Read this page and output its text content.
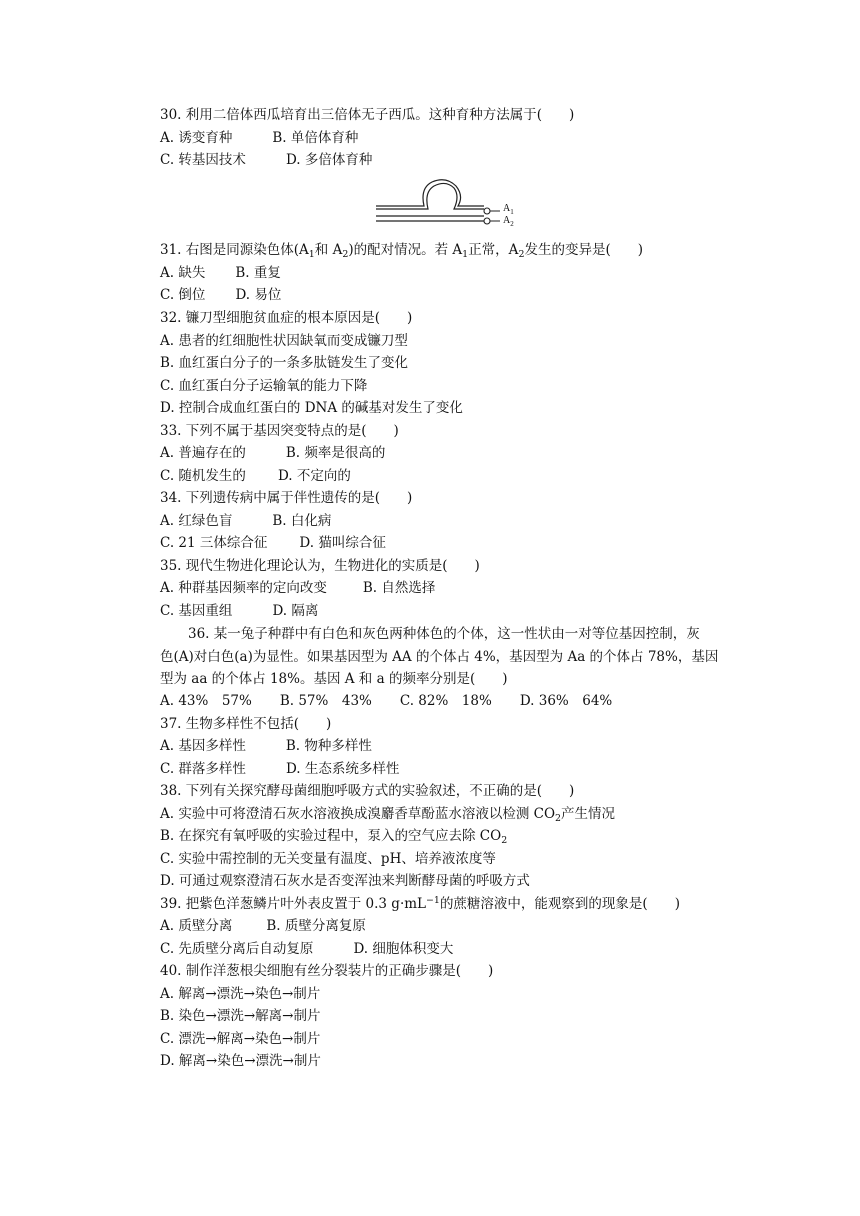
30. 利用二倍体西瓜培育出三倍体无子西瓜。这种育种方法属于(　　)
A. 诱变育种	B. 单倍体育种
C. 转基因技术	D. 多倍体育种
$A_1$
$A_2$
31. 右图是同源染色体($A_1$和 $A_2$)的配对情况。若 $A_1$正常，$A_2$发生的变异是(　　)
A. 缺失 B. 重复
C. 倒位 D. 易位
32. 镰刀型细胞贫血症的根本原因是(　　)
A. 患者的红细胞性状因缺氧而变成镰刀型
B. 血红蛋白分子的一条多肽链发生了变化
C. 血红蛋白分子运输氧的能力下降
D. 控制合成血红蛋白的 DNA 的碱基对发生了变化
33. 下列不属于基因突变特点的是(　　)
A. 普遍存在的	B. 频率是很高的
C. 随机发生的 D. 不定向的
34. 下列遗传病中属于伴性遗传的是(　　)
A. 红绿色盲	B. 白化病
C. 21 三体综合征 D. 猫叫综合征
35. 现代生物进化理论认为，生物进化的实质是(　　)
A. 种群基因频率的定向改变	B. 自然选择
C. 基因重组	D. 隔离
36. 某一兔子种群中有白色和灰色两种体色的个体，这一性状由一对等位基因控制，灰
色(A)对白色(a)为显性。如果基因型为 AA 的个体占 4%，基因型为 Aa 的个体占 78%，基因
型为 aa 的个体占 18%。基因 A 和 a 的频率分别是(　　)
A. 43%　57% B. 57%　43% C. 82%　18% D. 36%　64%
37. 生物多样性不包括(　　)
A. 基因多样性	B. 物种多样性
C. 群落多样性	D. 生态系统多样性
38. 下列有关探究酵母菌细胞呼吸方式的实验叙述，不正确的是(　　)
A. 实验中可将澄清石灰水溶液换成溴麝香草酚蓝水溶液以检测 $CO_2$产生情况
B. 在探究有氧呼吸的实验过程中，泵入的空气应去除 $CO_2$
C. 实验中需控制的无关变量有温度、pH、培养液浓度等
D. 可通过观察澄清石灰水是否变浑浊来判断酵母菌的呼吸方式
39. 把紫色洋葱鳞片叶外表皮置于 0.3 $g\cdot mL^{-1}$的蔗糖溶液中，能观察到的现象是(　　)
A. 质壁分离	B. 质壁分离复原
C. 先质壁分离后自动复原	D. 细胞体积变大
40. 制作洋葱根尖细胞有丝分裂装片的正确步骤是(　　)
A. 解离→漂洗→染色→制片
B. 染色→漂洗→解离→制片
C. 漂洗→解离→染色→制片
D. 解离→染色→漂洗→制片
